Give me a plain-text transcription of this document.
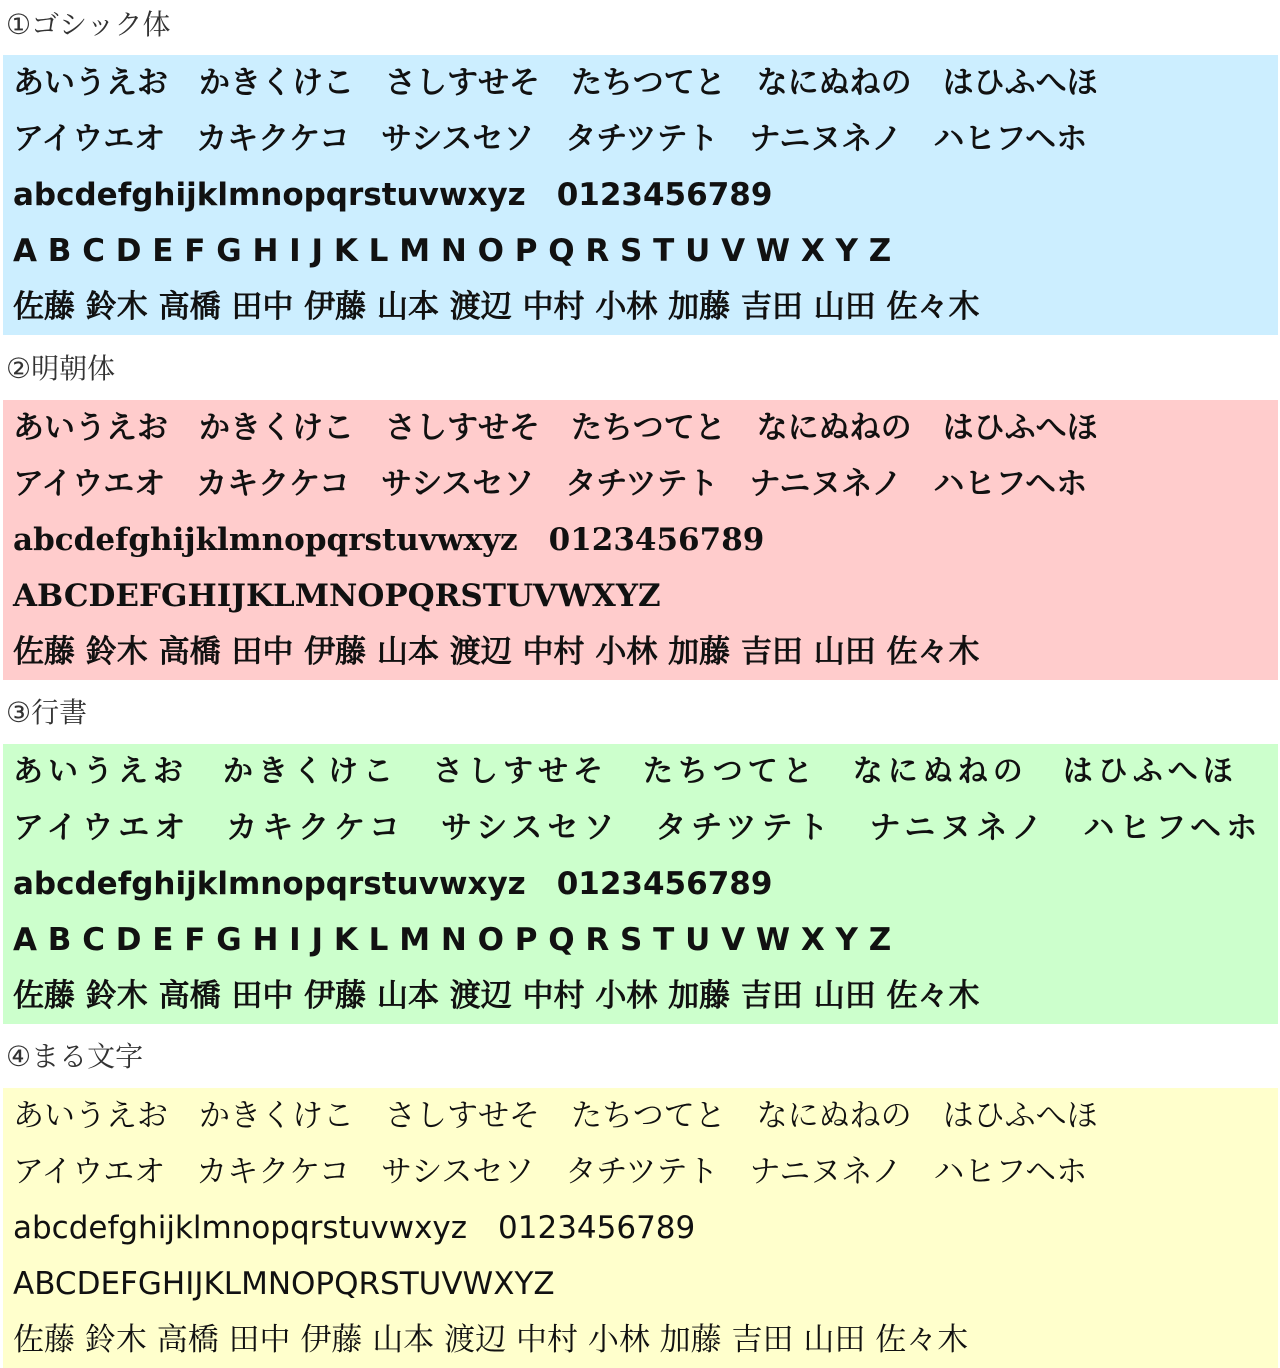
①ゴシック体
あいうえお　かきくけこ　さしすせそ　たちつてと　なにぬねの　はひふへほ
アイウエオ　カキクケコ　サシスセソ　タチツテト　ナニヌネノ　ハヒフヘホ
abcdefghijklmnopqrstuvwxyz　0123456789
A B C D E F G H I J K L M N O P Q R S T U V W X Y Z
佐藤 鈴木 高橋 田中 伊藤 山本 渡辺 中村 小林 加藤 吉田 山田 佐々木
②明朝体
あいうえお　かきくけこ　さしすせそ　たちつてと　なにぬねの　はひふへほ
アイウエオ　カキクケコ　サシスセソ　タチツテト　ナニヌネノ　ハヒフヘホ
abcdefghijklmnopqrstuvwxyz　0123456789
ABCDEFGHIJKLMNOPQRSTUVWXYZ
佐藤 鈴木 高橋 田中 伊藤 山本 渡辺 中村 小林 加藤 吉田 山田 佐々木
③行書
あいうえお　かきくけこ　さしすせそ　たちつてと　なにぬねの　はひふへほ
アイウエオ　カキクケコ　サシスセソ　タチツテト　ナニヌネノ　ハヒフヘホ
abcdefghijklmnopqrstuvwxyz　0123456789
A B C D E F G H I J K L M N O P Q R S T U V W X Y Z
佐藤 鈴木 高橋 田中 伊藤 山本 渡辺 中村 小林 加藤 吉田 山田 佐々木
④まる文字
あいうえお　かきくけこ　さしすせそ　たちつてと　なにぬねの　はひふへほ
アイウエオ　カキクケコ　サシスセソ　タチツテト　ナニヌネノ　ハヒフヘホ
abcdefghijklmnopqrstuvwxyz　0123456789
ABCDEFGHIJKLMNOPQRSTUVWXYZ
佐藤 鈴木 高橋 田中 伊藤 山本 渡辺 中村 小林 加藤 吉田 山田 佐々木
